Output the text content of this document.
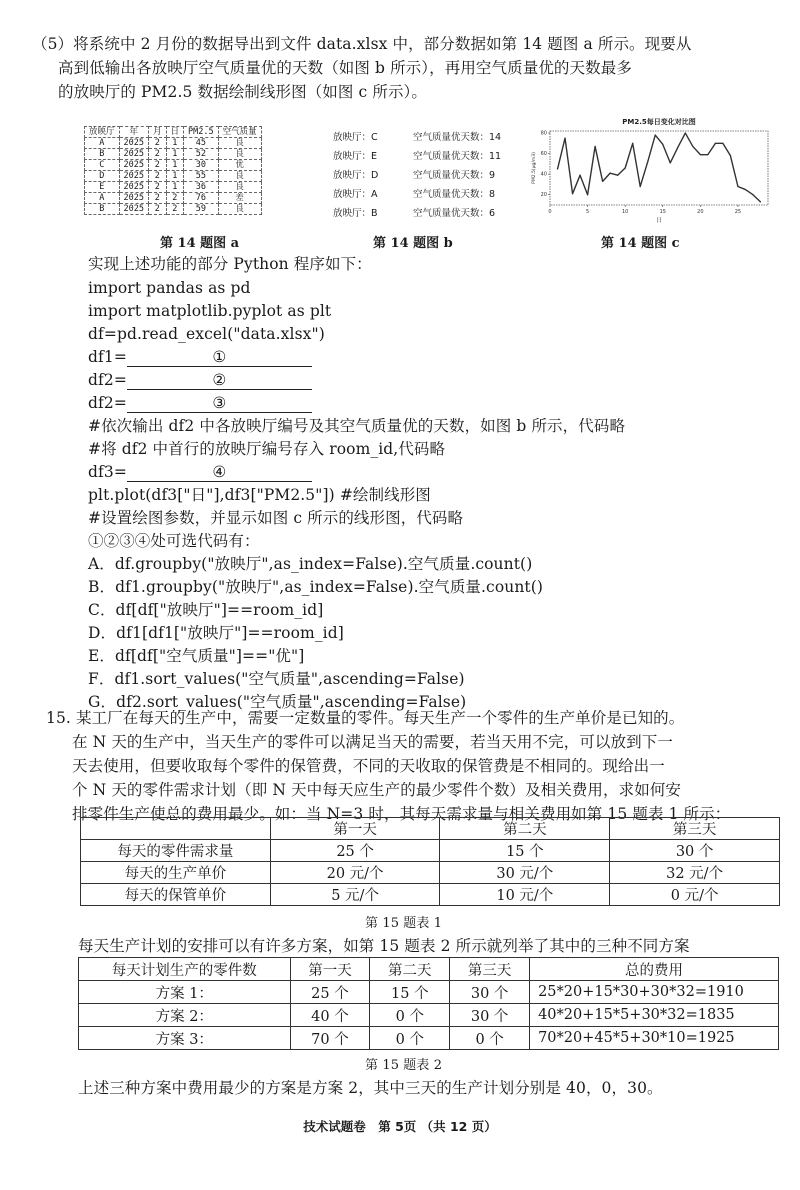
（5）将系统中 2 月份的数据导出到文件 data.xlsx 中，部分数据如第 14 题图 a 所示。现要从
高到低输出各放映厅空气质量优的天数（如图 b 所示），再用空气质量优的天数最多
的放映厅的 PM2.5 数据绘制线形图（如图 c 所示）。
放映厅	年	月	日	PM2.5	空气质量
A	2025	2	1	45	良
B	2025	2	1	52	良
C	2025	2	1	30	优
D	2025	2	1	55	良
E	2025	2	1	36	良
A	2025	2	2	76	差
B	2025	2	2	59	良
第 14 题图 a
放映厅：C	空气质量优天数：14
放映厅：E	空气质量优天数：11
放映厅：D	空气质量优天数：9
放映厅：A	空气质量优天数：8
放映厅：B	空气质量优天数：6
第 14 题图 b
PM2.5每日变化对比图
0	5	10	15	20	25
20
40
60
80
日
PM2.5(μg/m3)
第 14 题图 c
实现上述功能的部分 Python 程序如下：
import pandas as pd
import matplotlib.pyplot as plt
df=pd.read_excel("data.xlsx")
df1=	①
df2=	②
df2=	③
#依次输出 df2 中各放映厅编号及其空气质量优的天数，如图 b 所示，代码略
#将 df2 中首行的放映厅编号存入 room_id,代码略
df3=	④
plt.plot(df3["日"],df3["PM2.5"]) #绘制线形图
#设置绘图参数，并显示如图 c 所示的线形图，代码略
①②③④处可选代码有：
A．df.groupby("放映厅",as_index=False).空气质量.count()
B．df1.groupby("放映厅",as_index=False).空气质量.count()
C．df[df["放映厅"]==room_id]
D．df1[df1["放映厅"]==room_id]
E．df[df["空气质量"]=="优"]
F．df1.sort_values("空气质量",ascending=False)
G．df2.sort_values("空气质量",ascending=False)
15. 某工厂在每天的生产中，需要一定数量的零件。每天生产一个零件的生产单价是已知的。
在 N 天的生产中，当天生产的零件可以满足当天的需要，若当天用不完，可以放到下一
天去使用，但要收取每个零件的保管费，不同的天收取的保管费是不相同的。现给出一
个 N 天的零件需求计划（即 N 天中每天应生产的最少零件个数）及相关费用，求如何安
排零件生产使总的费用最少。如：当 N=3 时，其每天需求量与相关费用如第 15 题表 1 所示：
	第一天	第二天	第三天
每天的零件需求量	25 个	15 个	30 个
每天的生产单价	20 元/个	30 元/个	32 元/个
每天的保管单价	5 元/个	10 元/个	0 元/个
第 15 题表 1
每天生产计划的安排可以有许多方案，如第 15 题表 2 所示就列举了其中的三种不同方案
每天计划生产的零件数	第一天	第二天	第三天	总的费用
方案 1：	25 个	15 个	30 个	25*20+15*30+30*32=1910
方案 2：	40 个	0 个	30 个	40*20+15*5+30*32=1835
方案 3：	70 个	0 个	0 个	70*20+45*5+30*10=1925
第 15 题表 2
上述三种方案中费用最少的方案是方案 2，其中三天的生产计划分别是 40，0，30。
技术试题卷　第 5页 （共 12 页）
